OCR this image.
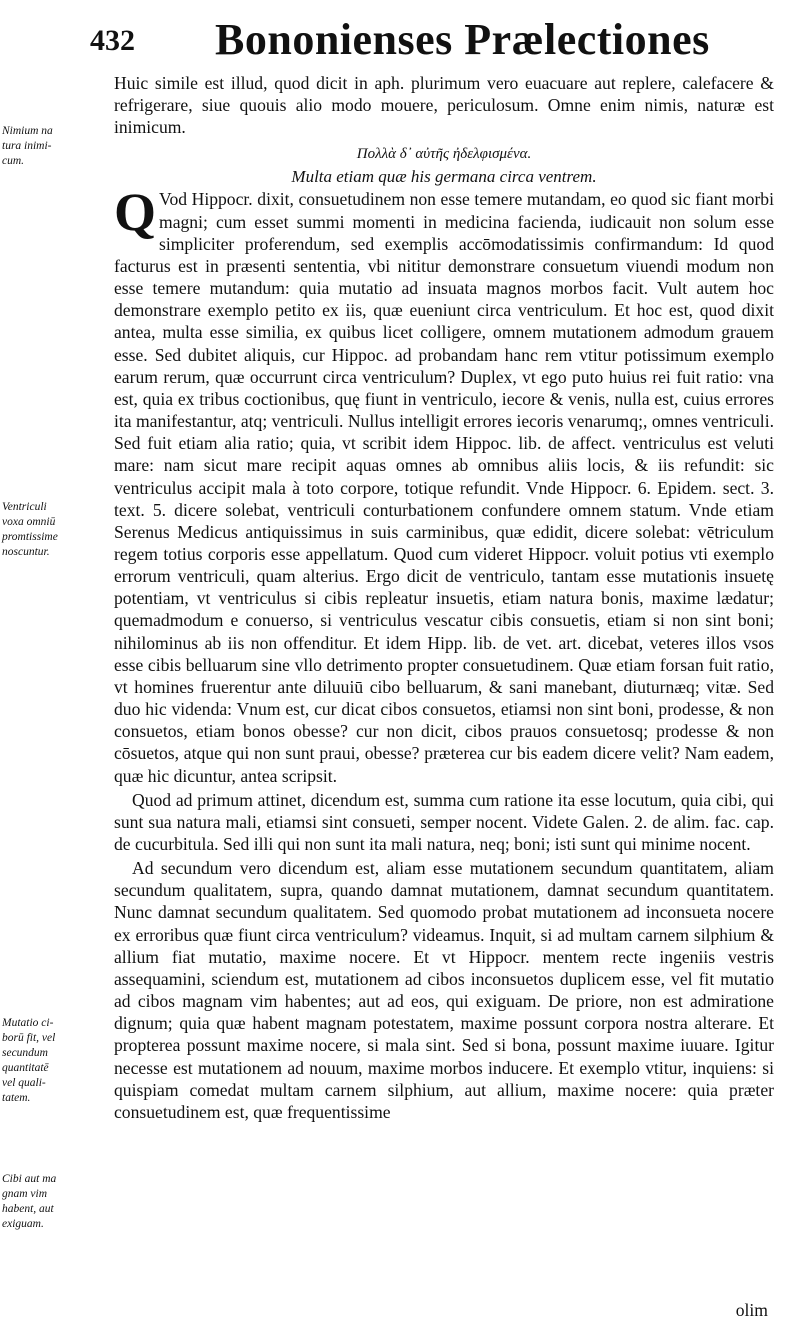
432 Bononienses Prælectiones
Nimium na
tura inimi-
cum.
Ventriculi
voxa omniū
promtissime
noscuntur.
Mutatio ci-
borū fit, vel
secundum
quantitatē
vel quali-
tatem.
Cibi aut ma
gnam vim
habent, aut
exiguam.

Huic simile est illud, quod dicit in aph. plurimum vero euacuare aut replere, calefacere & refrigerare, siue quouis alio modo mouere, periculosum. Omne enim nimis, naturæ est inimicum.

Πολλὰ δ᾽ αὐτῆς ἠδελφισμένα.
Multa etiam quæ his germana circa ventrem.

Q Vod Hippocr. dixit, consuetudinem non esse temere mutandam, eo quod sic fiant morbi magni; cum esset summi momenti in medicina facienda, iudicauit non solum esse simpliciter proferendum, sed exemplis accōmodatissimis confirmandum: Id quod facturus est in præsenti sententia, vbi nititur demonstrare consuetum viuendi modum non esse temere mutandum: quia mutatio ad insuata magnos morbos facit. Vult autem hoc demonstrare exemplo petito ex iis, quæ eueniunt circa ventriculum. Et hoc est, quod dixit antea, multa esse similia, ex quibus licet colligere, omnem mutationem admodum grauem esse. Sed dubitet aliquis, cur Hippoc. ad probandam hanc rem vtitur potissimum exemplo earum rerum, quæ occurrunt circa ventriculum? Duplex, vt ego puto huius rei fuit ratio: vna est, quia ex tribus coctionibus, quę fiunt in ventriculo, iecore & venis, nulla est, cuius errores ita manifestantur, atq; ventriculi. Nullus intelligit errores iecoris venarumq;, omnes ventriculi. Sed fuit etiam alia ratio; quia, vt scribit idem Hippoc. lib. de affect. ventriculus est veluti mare: nam sicut mare recipit aquas omnes ab omnibus aliis locis, & iis refundit: sic ventriculus accipit mala à toto corpore, totique refundit. Vnde Hippocr. 6. Epidem. sect. 3. text. 5. dicere solebat, ventriculi conturbationem confundere omnem statum. Vnde etiam Serenus Medicus antiquissimus in suis carminibus, quæ edidit, dicere solebat: vētriculum regem totius corporis esse appellatum. Quod cum videret Hippocr. voluit potius vti exemplo errorum ventriculi, quam alterius. Ergo dicit de ventriculo, tantam esse mutationis insuetę potentiam, vt ventriculus si cibis repleatur insuetis, etiam natura bonis, maxime lædatur; quemadmodum e conuerso, si ventriculus vescatur cibis consuetis, etiam si non sint boni; nihilominus ab iis non offenditur. Et idem Hipp. lib. de vet. art. dicebat, veteres illos vsos esse cibis belluarum sine vllo detrimento propter consuetudinem. Quæ etiam forsan fuit ratio, vt homines fruerentur ante diluuiū cibo belluarum, & sani manebant, diuturnæq; vitæ. Sed duo hic videnda: Vnum est, cur dicat cibos consuetos, etiamsi non sint boni, prodesse, & non consuetos, etiam bonos obesse? cur non dicit, cibos prauos consuetosq; prodesse & non cōsuetos, atque qui non sunt praui, obesse? præterea cur bis eadem dicere velit? Nam eadem, quæ hic dicuntur, antea scripsit.

Quod ad primum attinet, dicendum est, summa cum ratione ita esse locutum, quia cibi, qui sunt sua natura mali, etiamsi sint consueti, semper nocent. Videte Galen. 2. de alim. fac. cap. de cucurbitula. Sed illi qui non sunt ita mali natura, neq; boni; isti sunt qui minime nocent.

Ad secundum vero dicendum est, aliam esse mutationem secundum quantitatem, aliam secundum qualitatem, supra, quando damnat mutationem, damnat secundum quantitatem. Nunc damnat secundum qualitatem. Sed quomodo probat mutationem ad inconsueta nocere ex erroribus quæ fiunt circa ventriculum? videamus. Inquit, si ad multam carnem silphium & allium fiat mutatio, maxime nocere. Et vt Hippocr. mentem recte ingeniis vestris assequamini, sciendum est, mutationem ad cibos inconsuetos duplicem esse, vel fit mutatio ad cibos magnam vim habentes; aut ad eos, qui exiguam. De priore, non est admiratione dignum; quia quæ habent magnam potestatem, maxime possunt corpora nostra alterare. Et propterea possunt maxime nocere, si mala sint. Sed si bona, possunt maxime iuuare. Igitur necesse est mutationem ad nouum, maxime morbos inducere. Et exemplo vtitur, inquiens: si quispiam comedat multam carnem silphium, aut allium, maxime nocere: quia præter consuetudinem est, quæ frequentissime

olim
